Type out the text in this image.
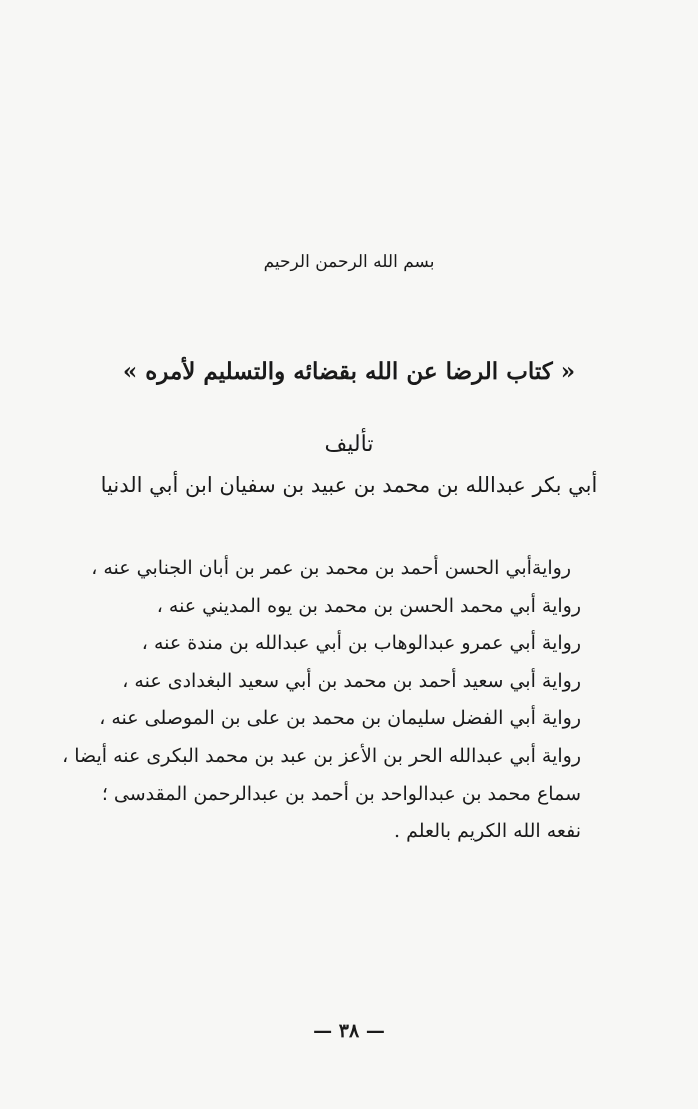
بسم الله الرحمن الرحيم
« كتاب الرضا عن الله بقضائه والتسليم لأمره »
تأليف
أبي بكر عبدالله بن محمد بن عبيد بن سفيان ابن أبي الدنيا
روايةأبي الحسن أحمد بن محمد بن عمر بن أبان الجنابي عنه ،
رواية أبي محمد الحسن بن محمد بن يوه المديني عنه ،
رواية أبي عمرو عبدالوهاب بن أبي عبدالله بن مندة عنه ،
رواية أبي سعيد أحمد بن محمد بن أبي سعيد البغدادى عنه ،
رواية أبي الفضل سليمان بن محمد بن على بن الموصلى عنه ،
رواية أبي عبدالله الحر بن الأعز بن عبد بن محمد البكرى عنه أيضا ،
سماع محمد بن عبدالواحد بن أحمد بن عبدالرحمن المقدسى ؛
نفعه الله الكريم بالعلم .
— ٣٨ —
